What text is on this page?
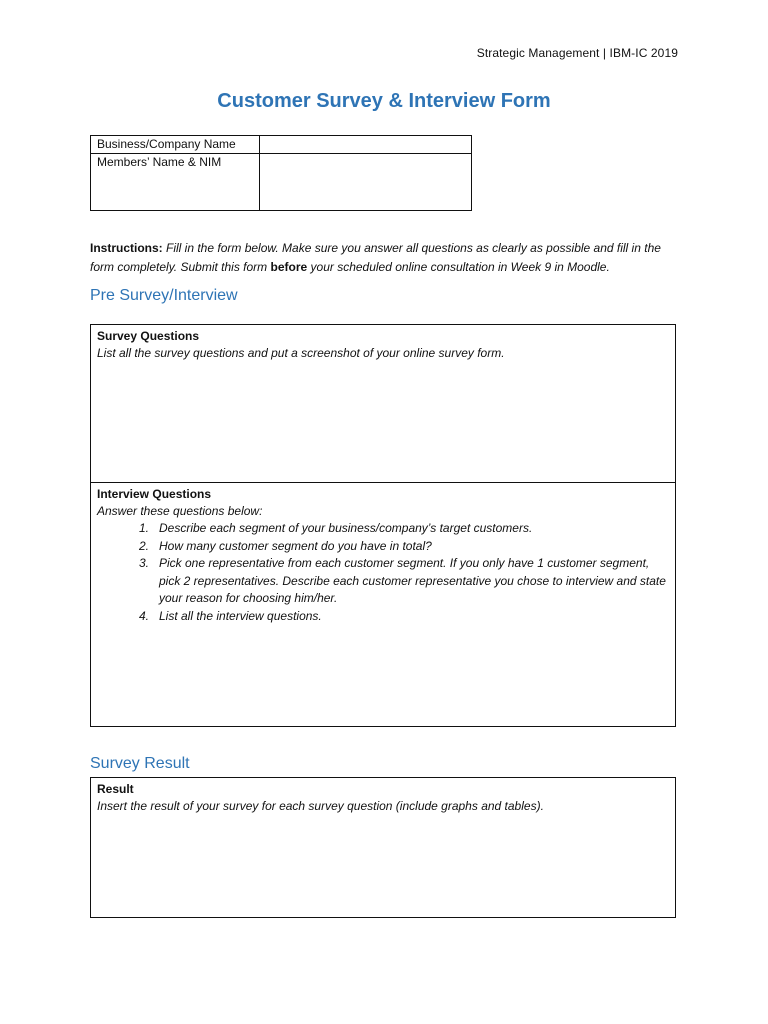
Strategic Management | IBM-IC 2019
Customer Survey & Interview Form
Business/Company Name	
Members’ Name & NIM	
Instructions: Fill in the form below. Make sure you answer all questions as clearly as possible and fill in the form completely. Submit this form before your scheduled online consultation in Week 9 in Moodle.
Pre Survey/Interview
Survey Questions
List all the survey questions and put a screenshot of your online survey form.
Interview Questions
Answer these questions below:
1. Describe each segment of your business/company’s target customers.
2. How many customer segment do you have in total?
3. Pick one representative from each customer segment. If you only have 1 customer segment, pick 2 representatives. Describe each customer representative you chose to interview and state your reason for choosing him/her.
4. List all the interview questions.
Survey Result
Result
Insert the result of your survey for each survey question (include graphs and tables).
